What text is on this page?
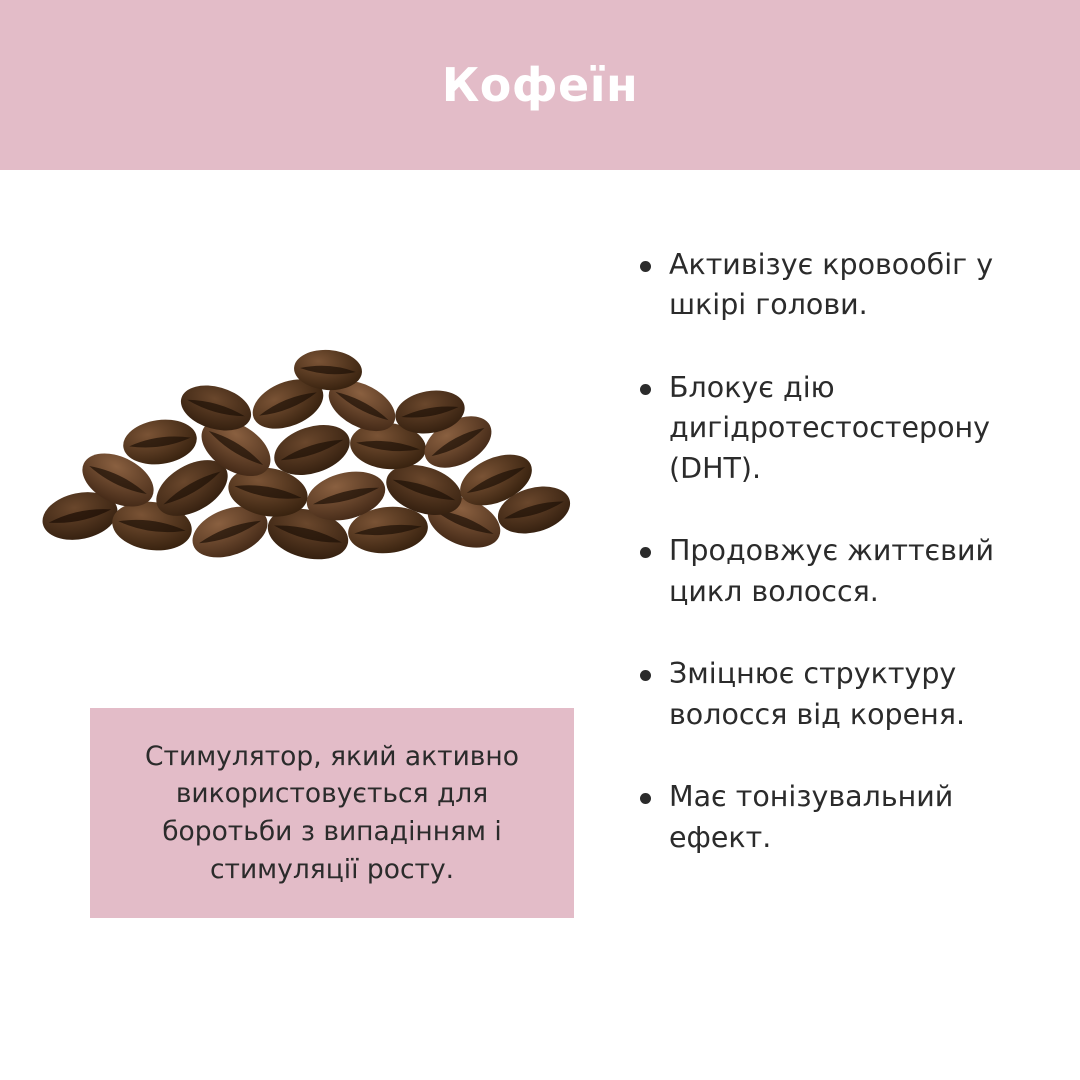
Кофеїн
Стимулятор, який активно використовується для боротьби з випадінням і стимуляції росту.
Активізує кровообіг у шкірі голови.
Блокує дію дигідротестостерону (DHT).
Продовжує життєвий цикл волосся.
Зміцнює структуру волосся від кореня.
Має тонізувальний ефект.
